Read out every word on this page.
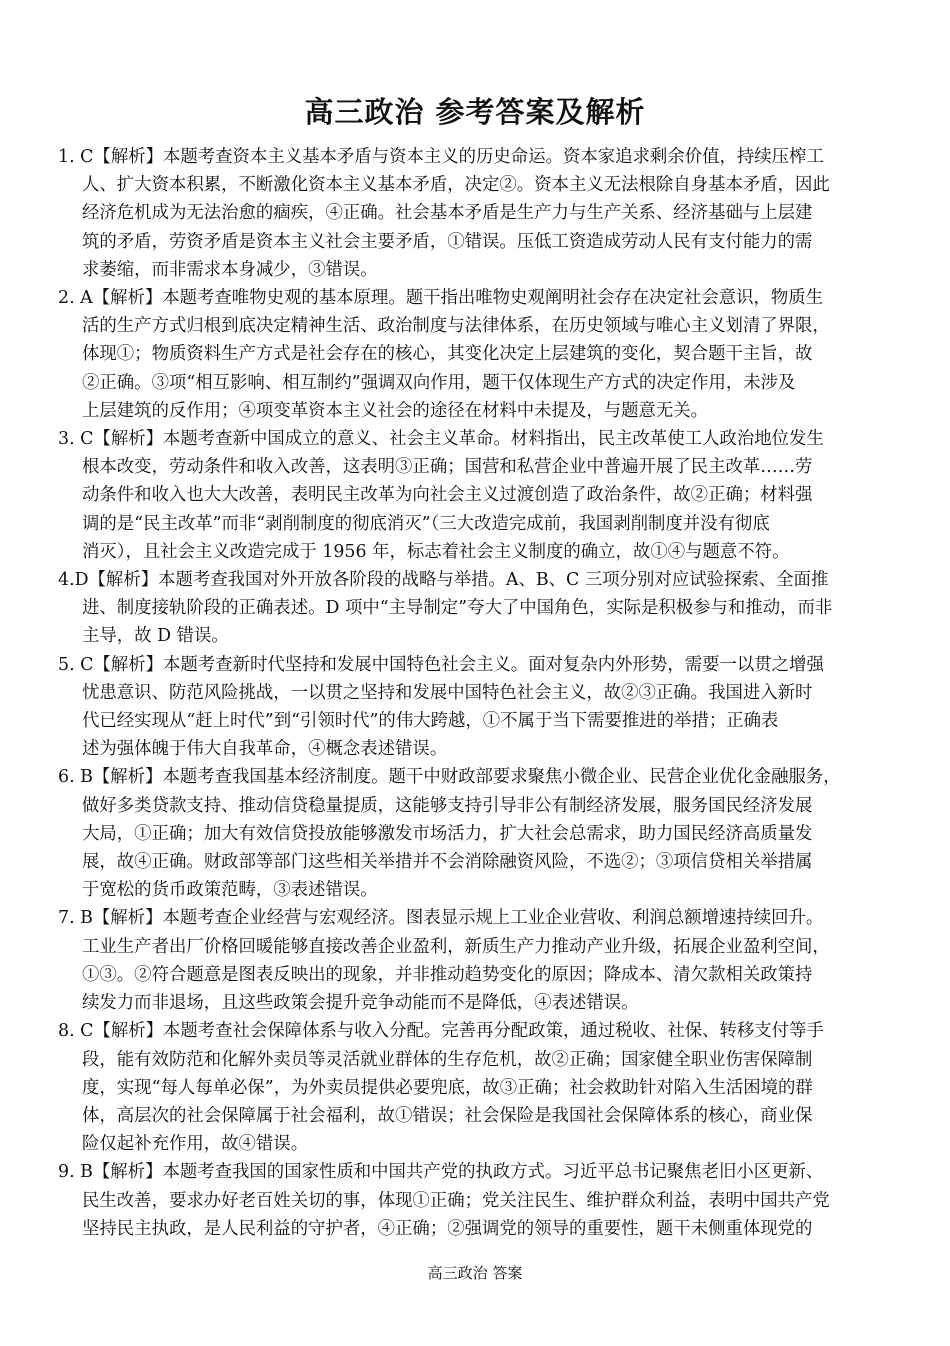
高三政治 参考答案及解析
1. C【解析】本题考查资本主义基本矛盾与资本主义的历史命运。资本家追求剩余价值，持续压榨工
人、扩大资本积累，不断激化资本主义基本矛盾，决定②。资本主义无法根除自身基本矛盾，因此
经济危机成为无法治愈的痼疾，④正确。社会基本矛盾是生产力与生产关系、经济基础与上层建
筑的矛盾，劳资矛盾是资本主义社会主要矛盾，①错误。压低工资造成劳动人民有支付能力的需
求萎缩，而非需求本身减少，③错误。
2. A【解析】本题考查唯物史观的基本原理。题干指出唯物史观阐明社会存在决定社会意识，物质生
活的生产方式归根到底决定精神生活、政治制度与法律体系，在历史领域与唯心主义划清了界限，
体现①；物质资料生产方式是社会存在的核心，其变化决定上层建筑的变化，契合题干主旨，故
②正确。③项“相互影响、相互制约”强调双向作用，题干仅体现生产方式的决定作用，未涉及
上层建筑的反作用；④项变革资本主义社会的途径在材料中未提及，与题意无关。
3. C【解析】本题考查新中国成立的意义、社会主义革命。材料指出，民主改革使工人政治地位发生
根本改变，劳动条件和收入改善，这表明③正确；国营和私营企业中普遍开展了民主改革……劳
动条件和收入也大大改善，表明民主改革为向社会主义过渡创造了政治条件，故②正确；材料强
调的是“民主改革”而非“剥削制度的彻底消灭”（三大改造完成前，我国剥削制度并没有彻底
消灭），且社会主义改造完成于 1956 年，标志着社会主义制度的确立，故①④与题意不符。
4.D【解析】本题考查我国对外开放各阶段的战略与举措。A、B、C 三项分别对应试验探索、全面推
进、制度接轨阶段的正确表述。D 项中“主导制定”夸大了中国角色，实际是积极参与和推动，而非
主导，故 D 错误。
5. C【解析】本题考查新时代坚持和发展中国特色社会主义。面对复杂内外形势，需要一以贯之增强
忧患意识、防范风险挑战，一以贯之坚持和发展中国特色社会主义，故②③正确。我国进入新时
代已经实现从“赶上时代”到“引领时代”的伟大跨越，①不属于当下需要推进的举措；正确表
述为强体魄于伟大自我革命，④概念表述错误。
6. B【解析】本题考查我国基本经济制度。题干中财政部要求聚焦小微企业、民营企业优化金融服务，
做好多类贷款支持、推动信贷稳量提质，这能够支持引导非公有制经济发展，服务国民经济发展
大局，①正确；加大有效信贷投放能够激发市场活力，扩大社会总需求，助力国民经济高质量发
展，故④正确。财政部等部门这些相关举措并不会消除融资风险，不选②；③项信贷相关举措属
于宽松的货币政策范畴，③表述错误。
7. B【解析】本题考查企业经营与宏观经济。图表显示规上工业企业营收、利润总额增速持续回升。
工业生产者出厂价格回暖能够直接改善企业盈利，新质生产力推动产业升级，拓展企业盈利空间，
①③。②符合题意是图表反映出的现象，并非推动趋势变化的原因；降成本、清欠款相关政策持
续发力而非退场，且这些政策会提升竞争动能而不是降低，④表述错误。
8. C【解析】本题考查社会保障体系与收入分配。完善再分配政策，通过税收、社保、转移支付等手
段，能有效防范和化解外卖员等灵活就业群体的生存危机，故②正确；国家健全职业伤害保障制
度，实现“每人每单必保”，为外卖员提供必要兜底，故③正确；社会救助针对陷入生活困境的群
体，高层次的社会保障属于社会福利，故①错误；社会保险是我国社会保障体系的核心，商业保
险仅起补充作用，故④错误。
9. B【解析】本题考查我国的国家性质和中国共产党的执政方式。习近平总书记聚焦老旧小区更新、
民生改善，要求办好老百姓关切的事，体现①正确；党关注民生、维护群众利益，表明中国共产党
坚持民主执政，是人民利益的守护者，④正确；②强调党的领导的重要性，题干未侧重体现党的
高三政治 答案
